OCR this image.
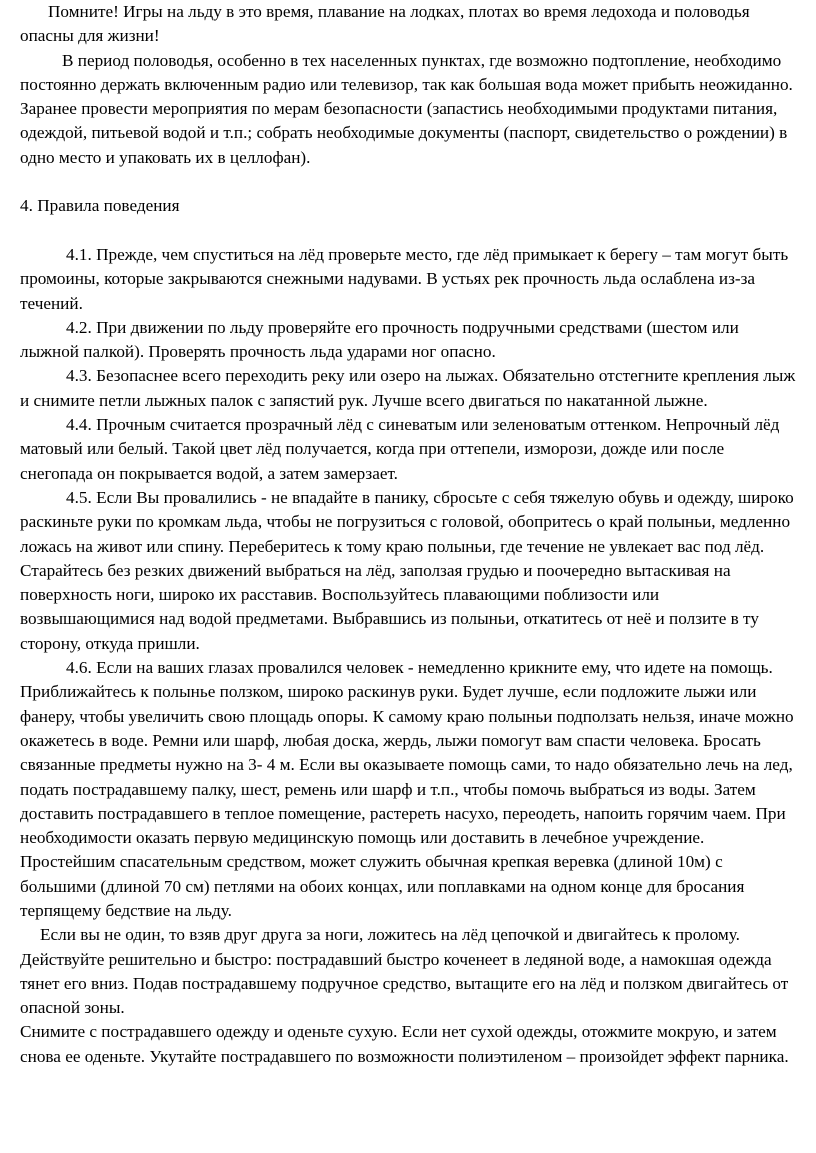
Помните! Игры на льду в это время, плавание на лодках, плотах во время ледохода и половодья опасны для жизни!

В период половодья, особенно в тех населенных пунктах, где возможно подтопление, необходимо постоянно держать включенным радио или телевизор, так как большая вода может прибыть неожиданно. Заранее провести мероприятия по мерам безопасности (запастись необходимыми продуктами питания, одеждой, питьевой водой и т.п.; собрать необходимые документы (паспорт, свидетельство о рождении) в одно место и упаковать их в целлофан).

4. Правила поведения

4.1. Прежде, чем спуститься на лёд проверьте место, где лёд примыкает к берегу – там могут быть промоины, которые закрываются снежными надувами. В устьях рек прочность льда ослаблена из-за течений.

4.2. При движении по льду проверяйте его прочность подручными средствами (шестом или лыжной палкой). Проверять прочность льда ударами ног опасно.

4.3. Безопаснее всего переходить реку или озеро на лыжах. Обязательно отстегните крепления лыж и снимите петли лыжных палок с запястий рук. Лучше всего двигаться по накатанной лыжне.

4.4. Прочным считается прозрачный лёд с синеватым или зеленоватым оттенком. Непрочный лёд матовый или белый. Такой цвет лёд получается, когда при оттепели, изморози, дожде или после снегопада он покрывается водой, а затем замерзает.

4.5. Если Вы провалились - не впадайте в панику, сбросьте с себя тяжелую обувь и одежду, широко раскиньте руки по кромкам льда, чтобы не погрузиться с головой, обопритесь о край полыньи, медленно ложась на живот или спину. Переберитесь к тому краю полыньи, где течение не увлекает вас под лёд. Старайтесь без резких движений выбраться на лёд, заползая грудью и поочередно вытаскивая на поверхность ноги, широко их расставив. Воспользуйтесь плавающими поблизости или возвышающимися над водой предметами. Выбравшись из полыньи, откатитесь от неё и ползите в ту сторону, откуда пришли.

4.6. Если на ваших глазах провалился человек - немедленно крикните ему, что идете на помощь. Приближайтесь к полынье ползком, широко раскинув руки. Будет лучше, если подложите лыжи или фанеру, чтобы увеличить свою площадь опоры. К самому краю полыньи подползать нельзя, иначе можно окажетесь в воде. Ремни или шарф, любая доска, жердь, лыжи помогут вам спасти человека. Бросать связанные предметы нужно на 3- 4 м. Если вы оказываете помощь сами, то надо обязательно лечь на лед, подать пострадавшему палку, шест, ремень или шарф и т.п., чтобы помочь выбраться из воды. Затем доставить пострадавшего в теплое помещение, растереть насухо, переодеть, напоить горячим чаем. При необходимости оказать первую медицинскую помощь или доставить в лечебное учреждение.

Простейшим спасательным средством, может служить обычная крепкая веревка (длиной 10м) с большими (длиной 70 см) петлями на обоих концах, или поплавками на одном конце для бросания терпящему бедствие на льду.

Если вы не один, то взяв друг друга за ноги, ложитесь на лёд цепочкой и двигайтесь к пролому. Действуйте решительно и быстро: пострадавший быстро коченеет в ледяной воде, а намокшая одежда тянет его вниз. Подав пострадавшему подручное средство, вытащите его на лёд и ползком двигайтесь от опасной зоны.

Снимите с пострадавшего одежду и оденьте сухую. Если нет сухой одежды, отожмите мокрую, и затем снова ее оденьте. Укутайте пострадавшего по возможности полиэтиленом – произойдет эффект парника.
